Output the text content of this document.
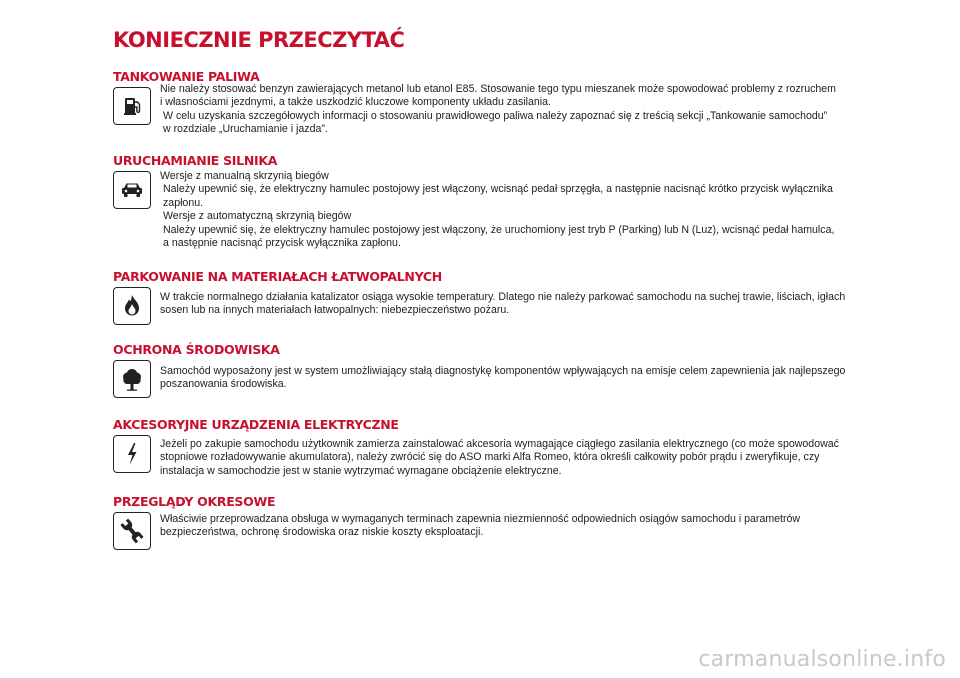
KONIECZNIE PRZECZYTAĆ
TANKOWANIE PALIWA

Nie należy stosować benzyn zawierających metanol lub etanol E85. Stosowanie tego typu mieszanek może spowodować problemy z rozruchem

i własnościami jezdnymi, a także uszkodzić kluczowe komponenty układu zasilania.

W celu uzyskania szczegółowych informacji o stosowaniu prawidłowego paliwa należy zapoznać się z treścią sekcji „Tankowanie samochodu”

w rozdziale „Uruchamianie i jazda”.

URUCHAMIANIE SILNIKA

Wersje z manualną skrzynią biegów

Należy upewnić się, że elektryczny hamulec postojowy jest włączony, wcisnąć pedał sprzęgła, a następnie nacisnąć krótko przycisk wyłącznika

zapłonu.

Wersje z automatyczną skrzynią biegów

Należy upewnić się, że elektryczny hamulec postojowy jest włączony, że uruchomiony jest tryb P (Parking) lub N (Luz), wcisnąć pedał hamulca,

a następnie nacisnąć przycisk wyłącznika zapłonu.

PARKOWANIE NA MATERIAŁACH ŁATWOPALNYCH

W trakcie normalnego działania katalizator osiąga wysokie temperatury. Dlatego nie należy parkować samochodu na suchej trawie, liściach, igłach

sosen lub na innych materiałach łatwopalnych: niebezpieczeństwo pożaru.

OCHRONA ŚRODOWISKA

Samochód wyposażony jest w system umożliwiający stałą diagnostykę komponentów wpływających na emisje celem zapewnienia jak najlepszego

poszanowania środowiska.

AKCESORYJNE URZĄDZENIA ELEKTRYCZNE

Jeżeli po zakupie samochodu użytkownik zamierza zainstalować akcesoria wymagające ciągłego zasilania elektrycznego (co może spowodować

stopniowe rozładowywanie akumulatora), należy zwrócić się do ASO marki Alfa Romeo, która określi całkowity pobór prądu i zweryfikuje, czy

instalacja w samochodzie jest w stanie wytrzymać wymagane obciążenie elektryczne.

PRZEGLĄDY OKRESOWE

Właściwie przeprowadzana obsługa w wymaganych terminach zapewnia niezmienność odpowiednich osiągów samochodu i parametrów

bezpieczeństwa, ochronę środowiska oraz niskie koszty eksploatacji.

carmanualsonline.info
